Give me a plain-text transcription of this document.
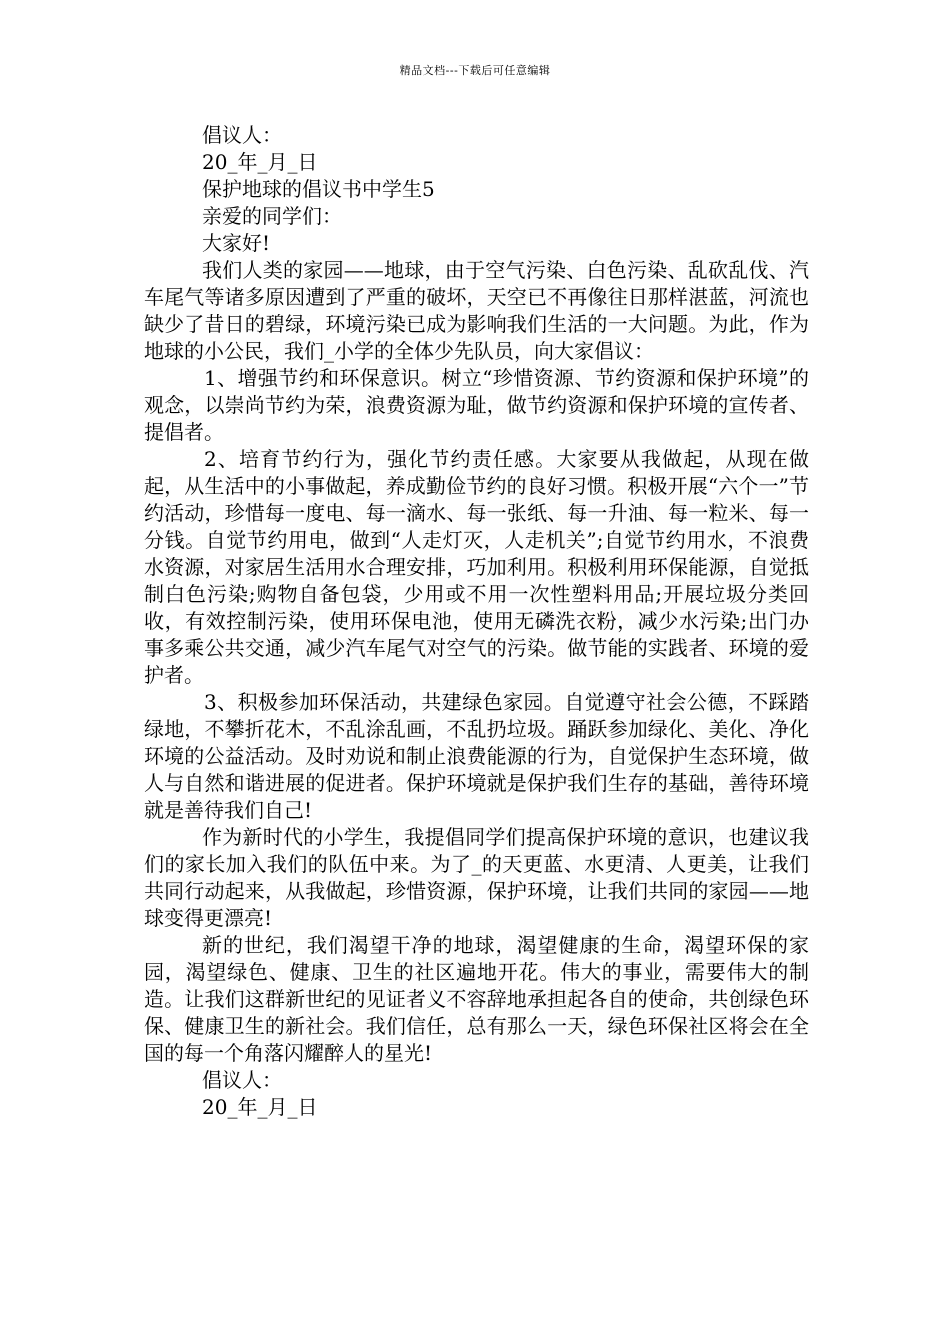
精品文档---下载后可任意编辑

倡议人：

20_年_月_日

保护地球的倡议书中学生5

亲爱的同学们：

大家好!

我们人类的家园——地球，由于空气污染、白色污染、乱砍乱伐、汽车尾气等诸多原因遭到了严重的破坏，天空已不再像往日那样湛蓝，河流也缺少了昔日的碧绿，环境污染已成为影响我们生活的一大问题。为此，作为地球的小公民，我们_小学的全体少先队员，向大家倡议：

1、增强节约和环保意识。树立“珍惜资源、节约资源和保护环境”的观念，以崇尚节约为荣，浪费资源为耻，做节约资源和保护环境的宣传者、提倡者。

2、培育节约行为，强化节约责任感。大家要从我做起，从现在做起，从生活中的小事做起，养成勤俭节约的良好习惯。积极开展“六个一”节约活动，珍惜每一度电、每一滴水、每一张纸、每一升油、每一粒米、每一分钱。自觉节约用电，做到“人走灯灭，人走机关”;自觉节约用水，不浪费水资源，对家居生活用水合理安排，巧加利用。积极利用环保能源，自觉抵制白色污染;购物自备包袋，少用或不用一次性塑料用品;开展垃圾分类回收，有效控制污染，使用环保电池，使用无磷洗衣粉，减少水污染;出门办事多乘公共交通，减少汽车尾气对空气的污染。做节能的实践者、环境的爱护者。

3、积极参加环保活动，共建绿色家园。自觉遵守社会公德，不踩踏绿地，不攀折花木，不乱涂乱画，不乱扔垃圾。踊跃参加绿化、美化、净化环境的公益活动。及时劝说和制止浪费能源的行为，自觉保护生态环境，做人与自然和谐进展的促进者。保护环境就是保护我们生存的基础，善待环境就是善待我们自己!

作为新时代的小学生，我提倡同学们提高保护环境的意识，也建议我们的家长加入我们的队伍中来。为了_的天更蓝、水更清、人更美，让我们共同行动起来，从我做起，珍惜资源，保护环境，让我们共同的家园——地球变得更漂亮!

新的世纪，我们渴望干净的地球，渴望健康的生命，渴望环保的家园，渴望绿色、健康、卫生的社区遍地开花。伟大的事业，需要伟大的制造。让我们这群新世纪的见证者义不容辞地承担起各自的使命，共创绿色环保、健康卫生的新社会。我们信任，总有那么一天，绿色环保社区将会在全国的每一个角落闪耀醉人的星光!

倡议人：

20_年_月_日
